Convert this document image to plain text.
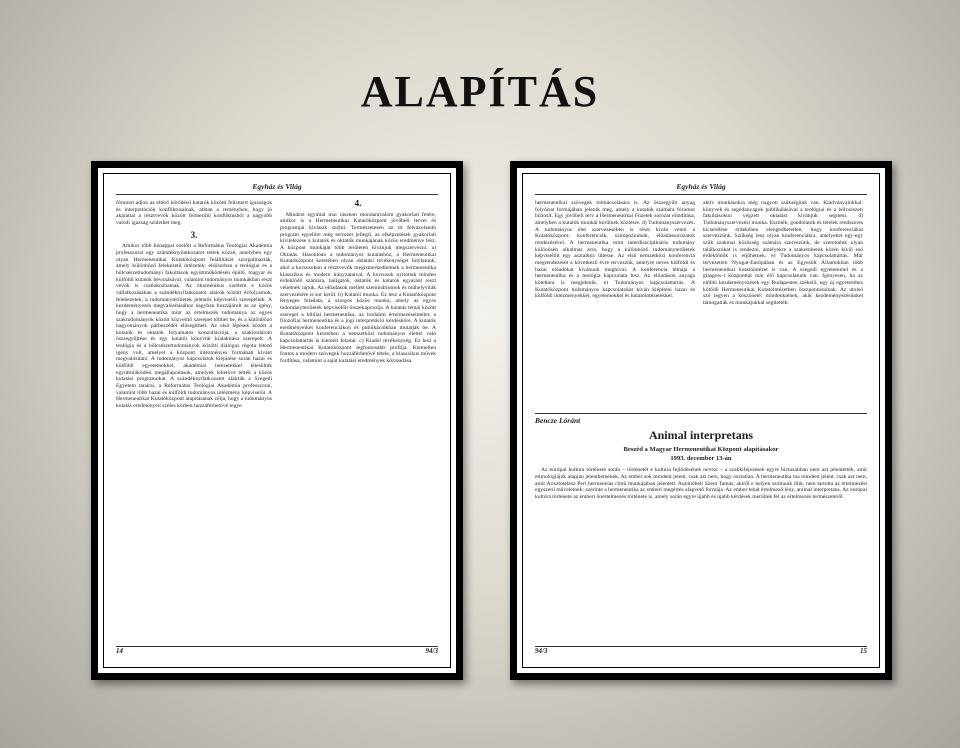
ALAPÍTÁS
Egyház és Világ

fórumot adjon az eltérő kötődésű kutatók közötti felismert igazságok és interpretációk konfliktusainak, abban a reményben, hogy jó akarattal a résztvevők között felmerülő konfliktusból a nagyobb valódi igazság születhet meg.

3.

Amikor több hónappal ezelőtt a Református Teológiai Akadémia professzorai egy szándéknyilatkozatot tettek közzé, amelyben egy olyan Hermeneutikai Kutatóközpont felállítását szorgalmazták, amely különböző felekezetű intézetek: elsősorban a teológiai és a bölcsészettudományi fakultások együttműködésén épülő, magyar és külföldi kutatók bevonásával, valamint tudományos munkákban részt vevők is csatlakozhatnak. Az ökuménikus szellem e közös vállalkozásában a szándéknyilatkozatot aláírók között évfolyamok, felekezetek, a tudományterületek jelentős képviselői szerepeltek. A kezdeményezés megvalósításához nagyban hozzájárult az az igény, hogy a hermeneutika mint az értelmezés tudománya az egyes szaktudományok között közvetítő szerepet tölthet be, és a különböző hagyományok párbeszédét elősegítheti. Az első lépések között a kutatók és oktatók folyamatos konzultációja, a szakirodalom összegyűjtése és egy kutatói könyvtár kialakítása szerepelt. A teológia és a bölcsészettudományok közötti dialógus régóta létező igény volt, amelyet a központ intézményes formában kívánt megvalósítani. A tudományos kapcsolatok kiépítése során hazai és külföldi egyetemekkel, akadémiai intézetekkel létesültek együttműködési megállapodások, amelyek lehetővé tették a közös kutatási programokat. A szándéknyilatkozatot aláírták a Szegedi Egyetem tanárai, a Református Teológiai Akadémia professzorai, valamint több hazai és külföldi tudományos intézmény képviselői. A Hermeneutikai Kutatóközpont alapításának célja, hogy a tudományos kutatás eredményeit széles körben hozzáférhetővé tegye.

4.

Mindezt egyúttal mai rásztem mondanivalóm gyakorlati felére, amikor is a Hermeneutikai Kutatóközpont jövőbeli tervei és programjai kívánok szólni. Természetesen az itt felvázolandó program egyelőre még tervezet jellegű, az elképzelések gyakorlati kivitelezése a kutatók és oktatók munkájának közös eredménye lesz. A központ munkáját több területen kívánjuk megszervezni. a) Oktatás. Hasonlóan a tudományos kutatáshoz, a Hermeneutikai Kutatóközpont keretében olyan oktatási tevékenységet folytatunk, ahol a kurzusokon a résztvevők megismerkedhetnek a hermeneutika klasszikus és modern irányzataival. A kurzusok nyitottak minden érdeklődő számára, hallgatók, oktatók és kutatók egyaránt részt vehetnek rajtuk. Az előadások mellett szemináriumok és műhelyviták szervezésére is sor kerül. b) Kutatói munka. Ez lesz a Kutatóközpont lényeges feladata, a szorgos közös munka, amely az egyes tudományterületek képviselőit összekapcsolja. A kutatás témái között szerepel a bibliai hermeneutika, az irodalmi értelmezéselmélet, a filozófiai hermeneutika és a jogi interpretáció kérdésköre. A kutatók eredményeiket konferenciákon és publikációkban mutatják be. A Kutatóközpont keretében a nemzetközi tudományos élettel való kapcsolattartás is kiemelt feladat. c) Kiadói tevékenység. Ez lesz a Hermeneutikai Kutatóközpont legfontosabb profilja. Kiemelten fontos a modern szövegek hozzáférhetővé tétele, a klasszikus művek fordítása, valamint a saját kutatási eredmények közreadása.

14	94/3
Egyház és Világ

hermeneutikai szövegek tolmácsolására is. Az összegyűlt anyag folyóirat formájában jelenik meg, amely a kutatók számára fórumot biztosít. Egy jövőbeli terv a Hermeneutikai Füzetek sorozat elindítása, amelyben a kutatók munkái kerülnek közlésre. d) Tudományszervezés. A tudományos élet szervezésében is részt kíván venni a Kutatóközpont: konferenciák, szimpóziumok, előadássorozatok rendezésével. A hermeneutika mint interdiszciplináris tudomány különösen alkalmas arra, hogy a különböző tudományterületek képviselőit egy asztalhoz ültesse. Az első nemzetközi konferencia megrendezését a következő évre tervezzük, amelyre neves külföldi és hazai előadókat kívánunk meghívni. A konferencia témája a hermeneutika és a teológia kapcsolata lesz. Az előadások anyaga kötetben is megjelenik. e) Tudományos kapcsolattartás. A Kutatóközpont tudományos kapcsolatokat kíván kiépíteni hazai és külföldi intézményekkel, egyetemekkel és kutatóintézetekkel.

aktív munkásokra még nagyon szükségünk van. Kiadványainkkal: könyvek és segédanyagok publikálásával a teológiai és a bölcsészeti fakultásokon végzett oktatást kívánjuk segíteni. d) Tudományszervezési munka. Eszmék, gondolatok és tételek rendszeres kicserélése érdekében elengedhetetlen, hogy konferenciákat szervezzünk. Szükség lesz olyan konferenciákra, amelyeket egy-egy szűk szakmai közösség számára szervezünk, de szeretnénk olyan találkozókat is rendezni, amelyekre a szakemberek körén kívül eső érdeklődők is eljöhetnek. e) Tudományos kapcsolattartás. Már tervezetten Nyugat-Európában és az Egyesült Államokban több hermeneutikai kutatóintézet is van. A szegedi egyetemmel és a glasgow-i központtal már élő kapcsolatunk van. Igényesen, ha az előbbi kezdeményezések egy Budapesten székelő, egy új egyetemhez kötődő Hermeneutikai Kutatóintézetben összpontosulnak. Az utolsó szó legyen a köszöneté: mindenkiének, akik kezdeményezésünket támogatták és munkájukkal segítették.

Bencze Lóránt
Animal interpretans
Beszéd a Magyar Hermeneutikai Központ alapításakor
1993. december 13-án

Az európai kultúra története során – történetét e kultúra fejlődésének nevezi – a szakkifejezések egyre biztosabban nem azt jelentették, amit etimológiájuk alapján jelenthetnének. Az ember sok mindent jelent, csak azt nem, hogy osztatlan. A hermeneutika ma mindent jelent, csak azt nem, amit Arisztotelész Peri hermeneias című munkájában jelentett. Aquinóbeli Szent Tamás, akiről e helyen szólnunk illik, nem tartotta az értelmezést egyszerű műveletnek: szerinte a hermeneutika az emberi megértés alapvető formája. Az ember tehát értelmező lény, animal interpretans. Az európai kultúra története az emberi önértelmezés története is, amely során egyre újabb és újabb kérdések merültek fel az értelmezés természetéről.

94/3	15
